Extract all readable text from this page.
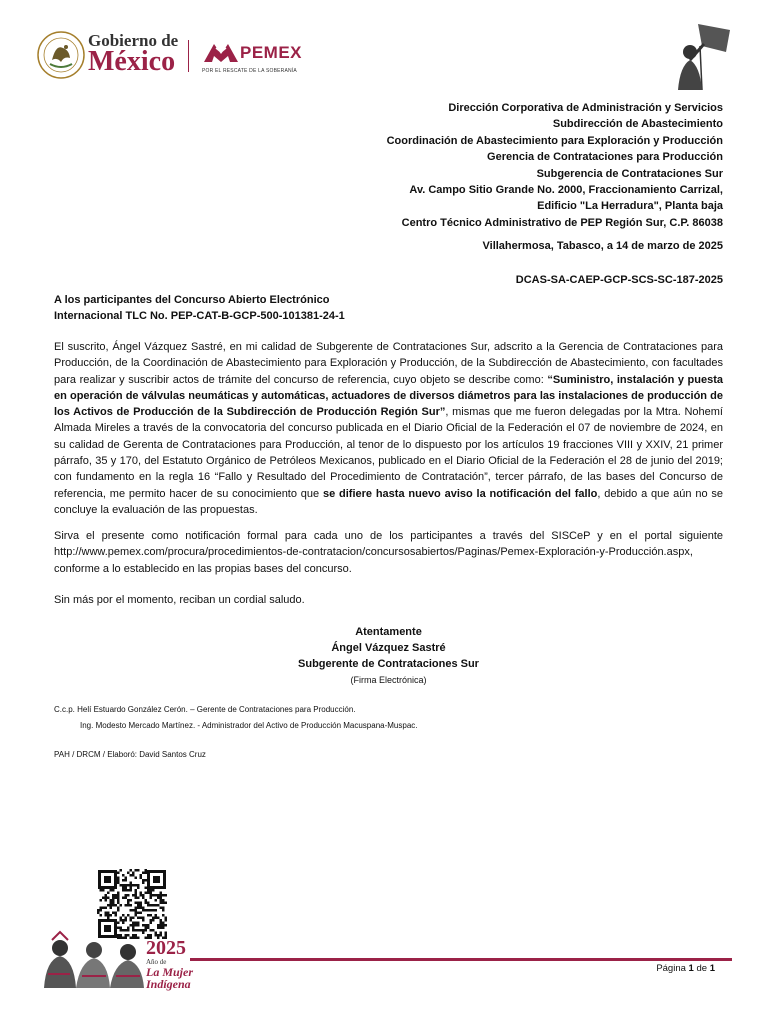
Gobierno de
México	PEMEX
POR EL RESCATE DE LA SOBERANÍA
Dirección Corporativa de Administración y Servicios
Subdirección de Abastecimiento
Coordinación de Abastecimiento para Exploración y Producción
Gerencia de Contrataciones para Producción
Subgerencia de Contrataciones Sur
Av. Campo Sitio Grande No. 2000, Fraccionamiento Carrizal,
Edificio "La Herradura", Planta baja
Centro Técnico Administrativo de PEP Región Sur, C.P. 86038
Villahermosa, Tabasco, a 14 de marzo de 2025
DCAS-SA-CAEP-GCP-SCS-SC-187-2025
A los participantes del Concurso Abierto Electrónico
Internacional TLC No. PEP-CAT-B-GCP-500-101381-24-1

El suscrito, Ángel Vázquez Sastré, en mi calidad de Subgerente de Contrataciones Sur, adscrito a la Gerencia de Contrataciones para Producción, de la Coordinación de Abastecimiento para Exploración y Producción, de la Subdirección de Abastecimiento, con facultades para realizar y suscribir actos de trámite del concurso de referencia, cuyo objeto se describe como: “Suministro, instalación y puesta en operación de válvulas neumáticas y automáticas, actuadores de diversos diámetros para las instalaciones de producción de los Activos de Producción de la Subdirección de Producción Región Sur”, mismas que me fueron delegadas por la Mtra. Nohemí Almada Mireles a través de la convocatoria del concurso publicada en el Diario Oficial de la Federación el 07 de noviembre de 2024, en su calidad de Gerenta de Contrataciones para Producción, al tenor de lo dispuesto por los artículos 19 fracciones VIII y XXIV, 21 primer párrafo, 35 y 170, del Estatuto Orgánico de Petróleos Mexicanos, publicado en el Diario Oficial de la Federación el 28 de junio del 2019; con fundamento en la regla 16 “Fallo y Resultado del Procedimiento de Contratación”, tercer párrafo, de las bases del Concurso de referencia, me permito hacer de su conocimiento que se difiere hasta nuevo aviso la notificación del fallo, debido a que aún no se concluye la evaluación de las propuestas.

Sirva el presente como notificación formal para cada uno de los participantes a través del SISCeP y en el portal siguiente http://www.pemex.com/procura/procedimientos-de-contratacion/concursosabiertos/Paginas/Pemex-Exploración-y-Producción.aspx, conforme a lo establecido en las propias bases del concurso.

Sin más por el momento, reciban un cordial saludo.

Atentamente
Ángel Vázquez Sastré
Subgerente de Contrataciones Sur
(Firma Electrónica)
C.c.p. Helí Estuardo González Cerón. – Gerente de Contrataciones para Producción.
Ing. Modesto Mercado Martínez. - Administrador del Activo de Producción Macuspana-Muspac.
PAH / DRCM / Elaboró: David Santos Cruz
2025
Año de
La Mujer
Indígena
Página 1 de 1
